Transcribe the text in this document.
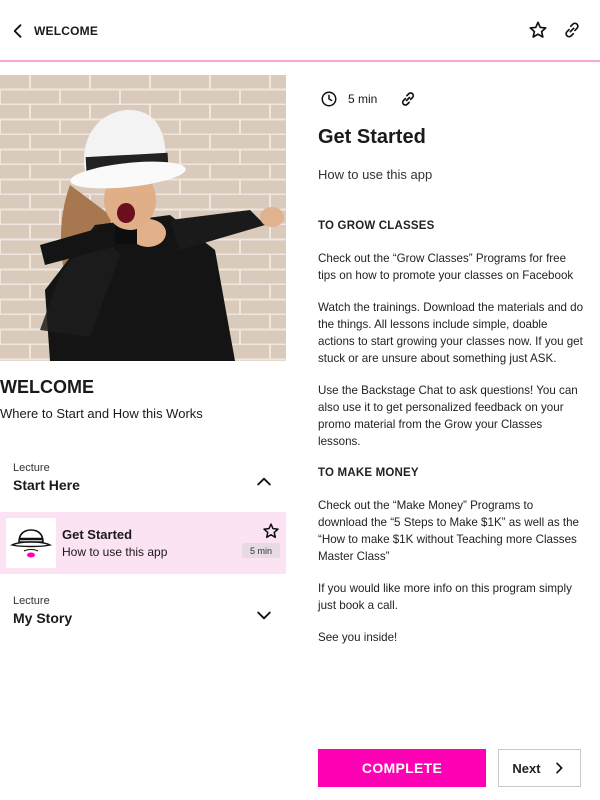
WELCOME
WELCOME
Where to Start and How this Works
Lecture
Start Here
Get Started
How to use this app	5 min
Lecture
My Story
5 min
Get Started
How to use this app
TO GROW CLASSES

Check out the “Grow Classes” Programs for free tips on how to promote your classes on Facebook

Watch the trainings. Download the materials and do the things. All lessons include simple, doable actions to start growing your classes now. If you get stuck or are unsure about something just ASK.

Use the Backstage Chat to ask questions! You can also use it to get personalized feedback on your promo material from the Grow your Classes lessons.

TO MAKE MONEY

Check out the “Make Money” Programs to download the “5 Steps to Make $1K” as well as the “How to make $1K without Teaching more Classes Master Class”

If you would like more info on this program simply just book a call.

See you inside!

COMPLETE	Next
